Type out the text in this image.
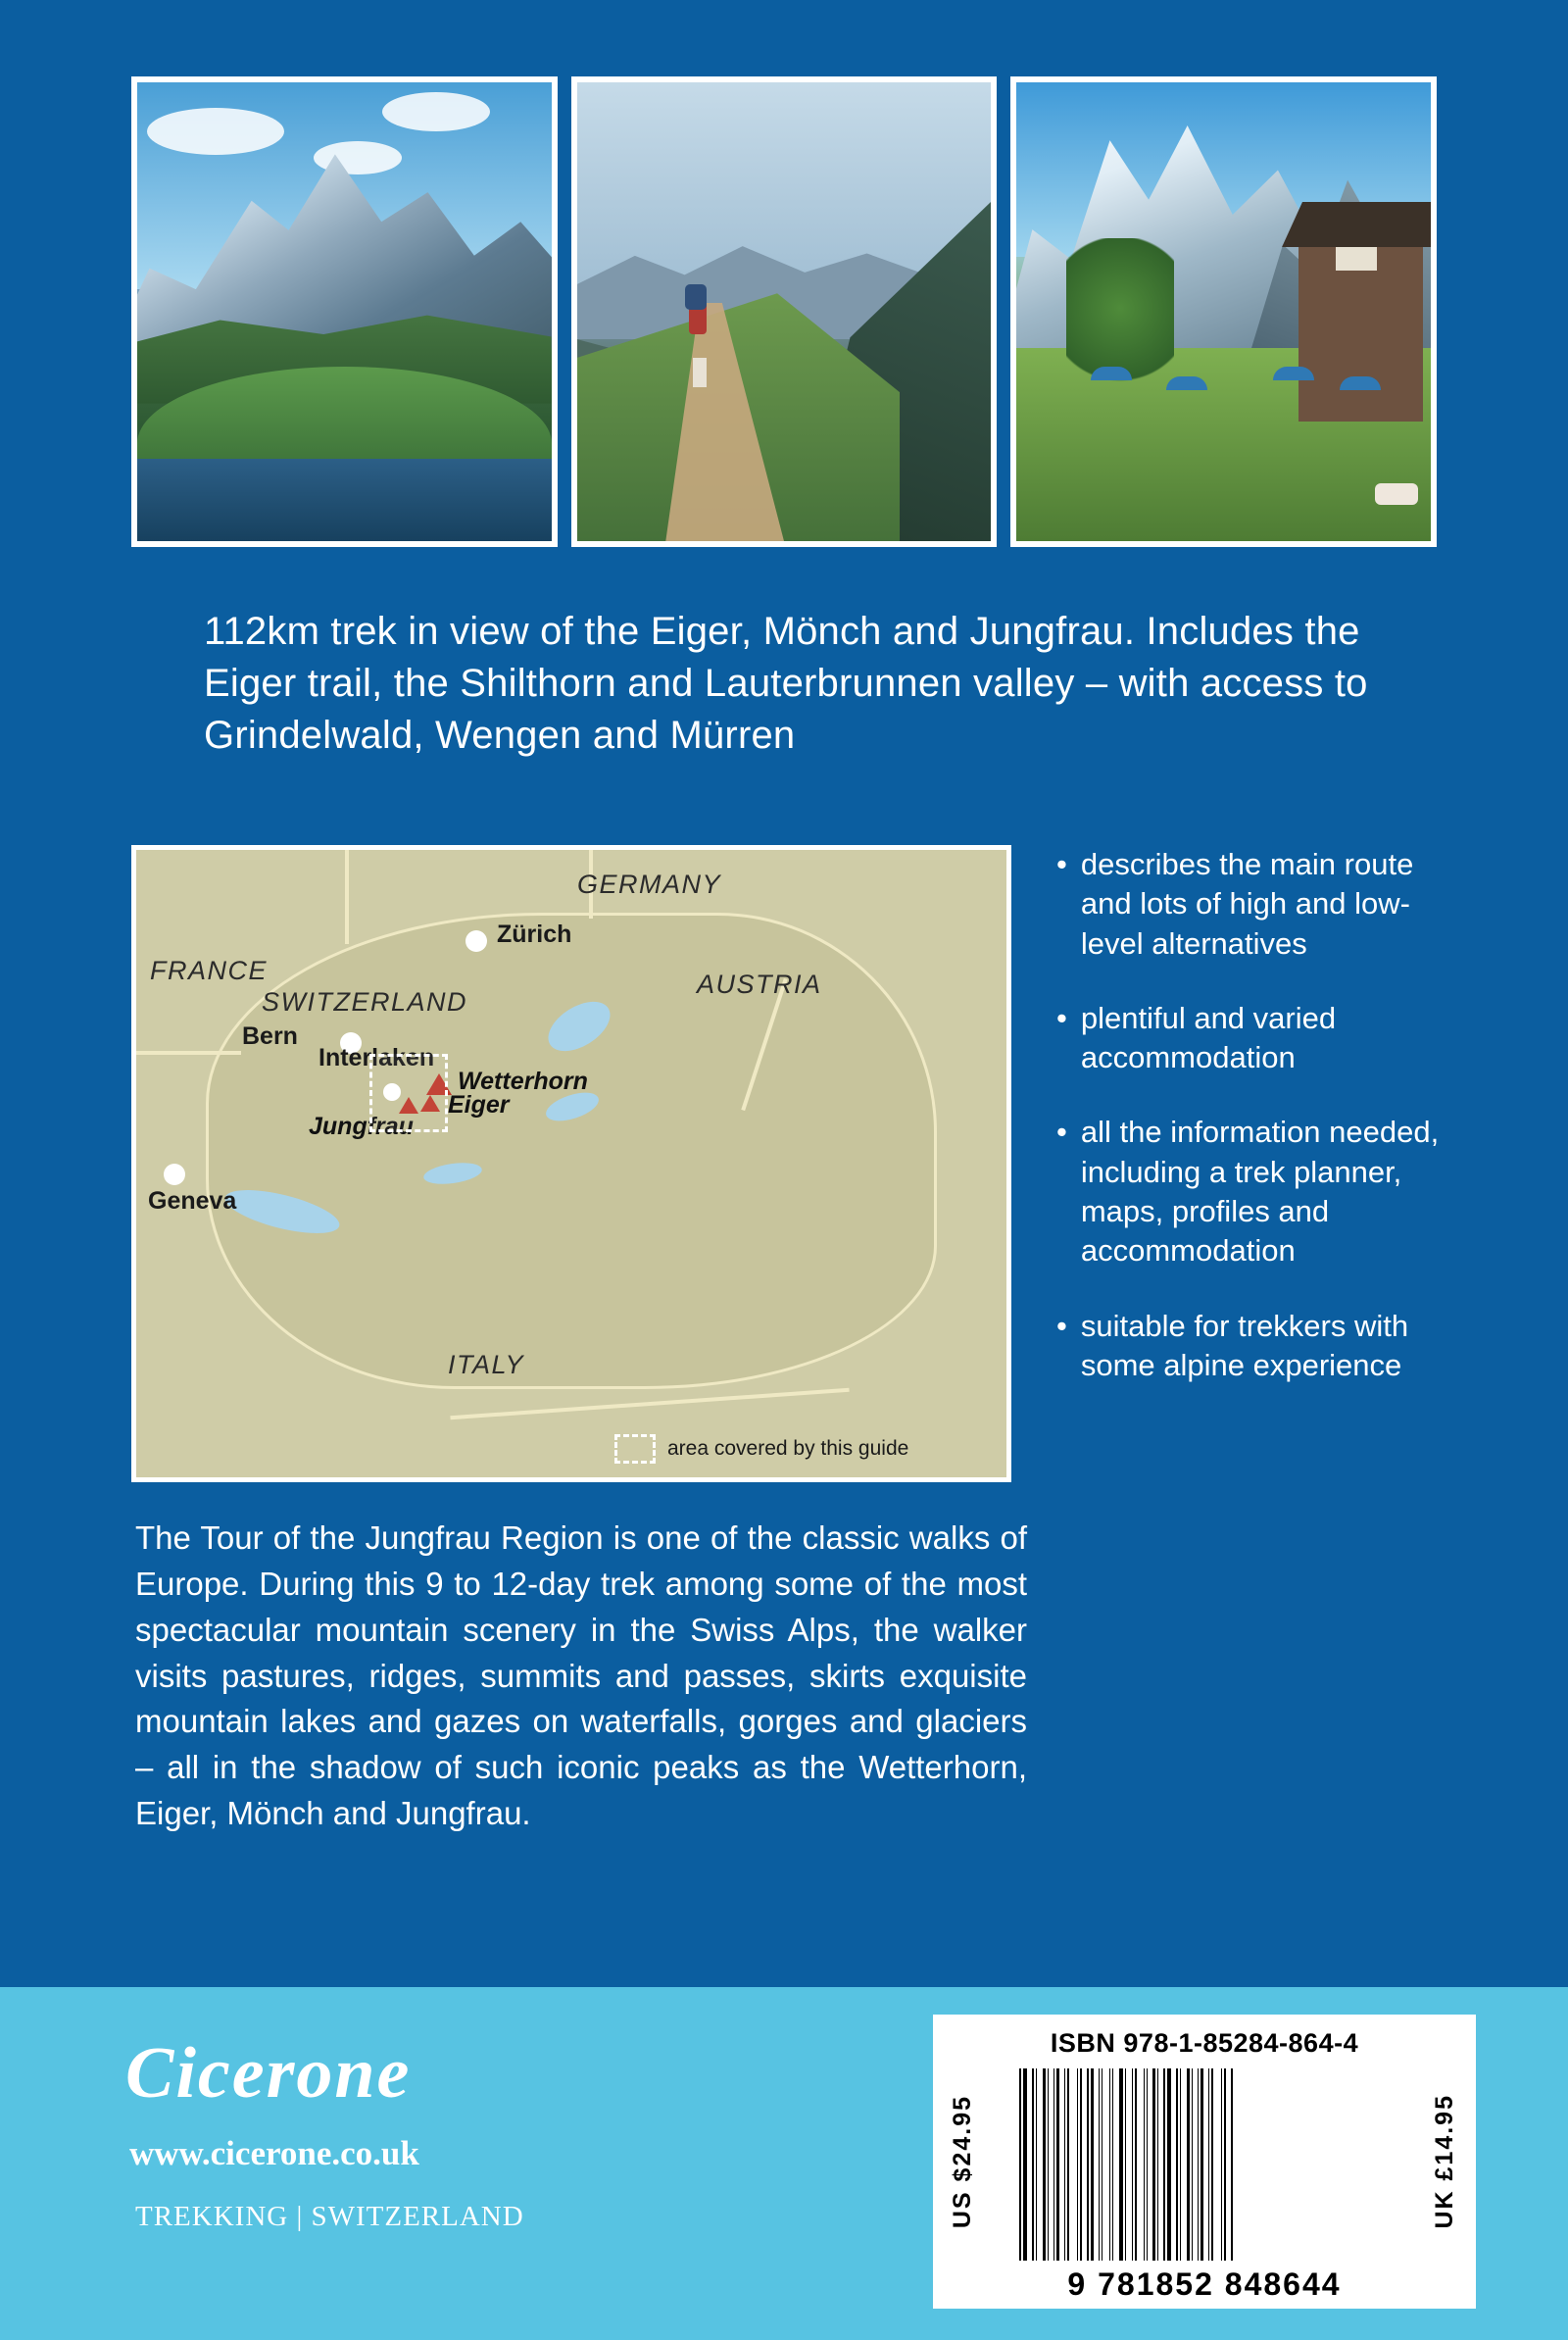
112km trek in view of the Eiger, Mönch and Jungfrau. Includes the Eiger trail, the Shilthorn and Lauterbrunnen valley – with access to Grindelwald, Wengen and Mürren
GERMANY
FRANCE
SWITZERLAND
AUSTRIA
ITALY
Zürich
Bern
Interlaken
Geneva
Wetterhorn
Eiger
Jungfrau
area covered by this guide
• describes the main route and lots of high and low-level alternatives
• plentiful and varied accommodation
• all the information needed, including a trek planner, maps, profiles and accommodation
• suitable for trekkers with some alpine experience
The Tour of the Jungfrau Region is one of the classic walks of Europe. During this 9 to 12-day trek among some of the most spectacular mountain scenery in the Swiss Alps, the walker visits pastures, ridges, summits and passes, skirts exquisite mountain lakes and gazes on waterfalls, gorges and glaciers – all in the shadow of such iconic peaks as the Wetterhorn, Eiger, Mönch and Jungfrau.
Cicerone
www.cicerone.co.uk
TREKKING | SWITZERLAND	US $24.95
ISBN 978-1-85284-864-4
9 781852 848644
UK £14.95
